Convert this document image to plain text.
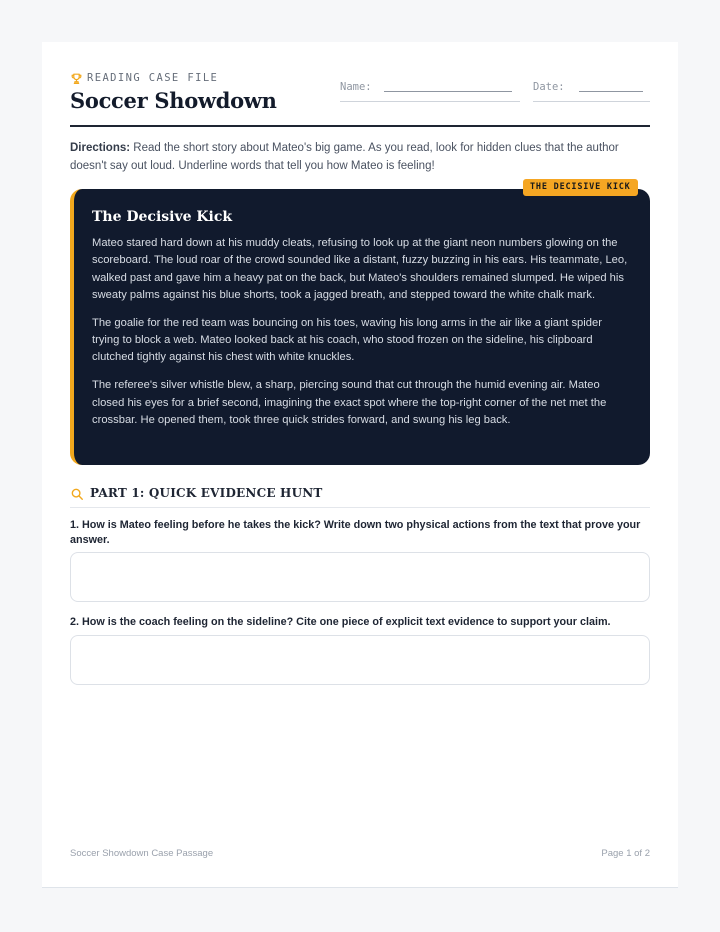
READING CASE FILE
Soccer Showdown
Name:	Date:
Directions: Read the short story about Mateo's big game. As you read, look for hidden clues that the author doesn't say out loud. Underline words that tell you how Mateo is feeling!
The Decisive Kick

Mateo stared hard down at his muddy cleats, refusing to look up at the giant neon numbers glowing on the scoreboard. The loud roar of the crowd sounded like a distant, fuzzy buzzing in his ears. His teammate, Leo, walked past and gave him a heavy pat on the back, but Mateo's shoulders remained slumped. He wiped his sweaty palms against his blue shorts, took a jagged breath, and stepped toward the white chalk mark.

The goalie for the red team was bouncing on his toes, waving his long arms in the air like a giant spider trying to block a web. Mateo looked back at his coach, who stood frozen on the sideline, his clipboard clutched tightly against his chest with white knuckles.

The referee's silver whistle blew, a sharp, piercing sound that cut through the humid evening air. Mateo closed his eyes for a brief second, imagining the exact spot where the top-right corner of the net met the crossbar. He opened them, took three quick strides forward, and swung his leg back.

THE DECISIVE KICK
PART 1: QUICK EVIDENCE HUNT
1. How is Mateo feeling before he takes the kick? Write down two physical actions from the text that prove your answer.
2. How is the coach feeling on the sideline? Cite one piece of explicit text evidence to support your claim.
Soccer Showdown Case Passage	Page 1 of 2
